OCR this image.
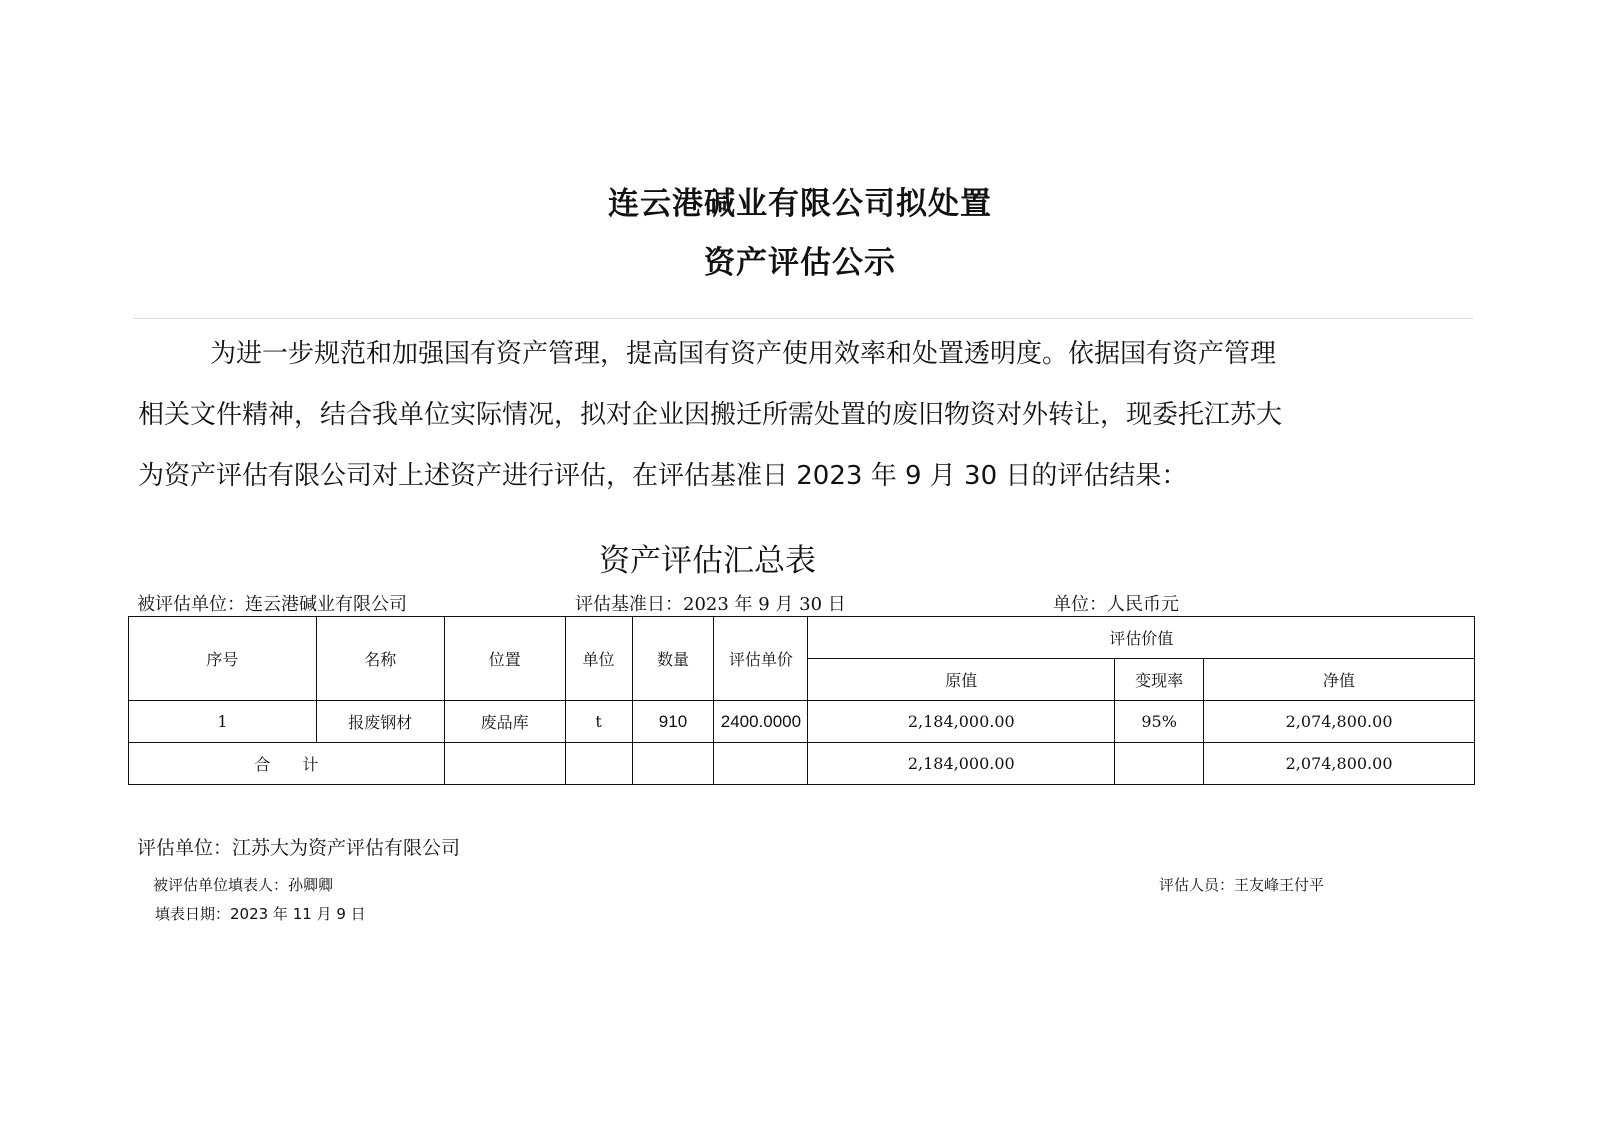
连云港碱业有限公司拟处置
资产评估公示

为进一步规范和加强国有资产管理，提高国有资产使用效率和处置透明度。依据国有资产管理

相关文件精神，结合我单位实际情况，拟对企业因搬迁所需处置的废旧物资对外转让，现委托江苏大

为资产评估有限公司对上述资产进行评估，在评估基准日 2023 年 9 月 30 日的评估结果：

资产评估汇总表
被评估单位：连云港碱业有限公司	评估基准日：2023 年 9 月 30 日	单位：人民币元
序号	名称	位置	单位	数量	评估单价	评估价值		
						原值	变现率	净值
1	报废钢材	废品库	t	910	2400.0000	2,184,000.00	95%	2,074,800.00
合　　计						2,184,000.00		2,074,800.00
评估单位：江苏大为资产评估有限公司
被评估单位填表人：孙卿卿	评估人员：王友峰王付平
填表日期：2023 年 11 月 9 日
